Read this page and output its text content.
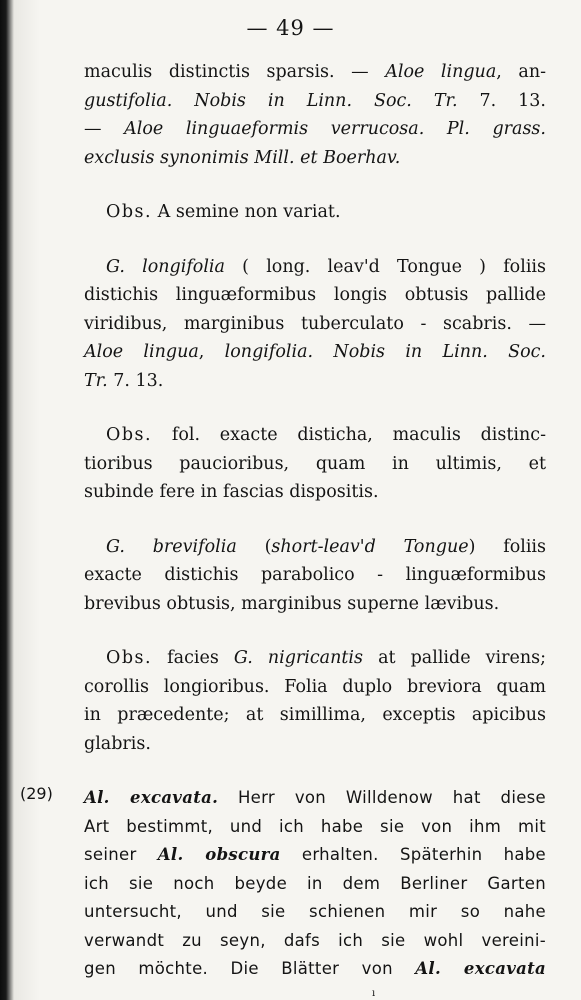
— 49 —
maculis distinctis sparsis. — Aloe lingua, an-
gustifolia. Nobis in Linn. Soc. Tr. 7. 13.
— Aloe linguaeformis verrucosa. Pl. grass.
exclusis synonimis Mill. et Boerhav.
Obs. A semine non variat.
G. longifolia ( long. leav'd Tongue ) foliis
distichis linguæformibus longis obtusis pallide
viridibus, marginibus tuberculato - scabris. —
Aloe lingua, longifolia. Nobis in Linn. Soc.
Tr. 7. 13.
Obs. fol. exacte disticha, maculis distinc-
tioribus paucioribus, quam in ultimis, et
subinde fere in fascias dispositis.
G. brevifolia (short-leav'd Tongue) foliis
exacte distichis parabolico - linguæformibus
brevibus obtusis, marginibus superne lævibus.
Obs. facies G. nigricantis at pallide virens;
corollis longioribus. Folia duplo breviora quam
in præcedente; at simillima, exceptis apicibus
glabris.
(29) Al. excavata. Herr von Willdenow hat diese
Art bestimmt, und ich habe sie von ihm mit
seiner Al. obscura erhalten. Späterhin habe
ich sie noch beyde in dem Berliner Garten
untersucht, und sie schienen mir so nahe
verwandt zu seyn, dafs ich sie wohl vereini-
gen möchte. Die Blätter von Al. excavata
ı
